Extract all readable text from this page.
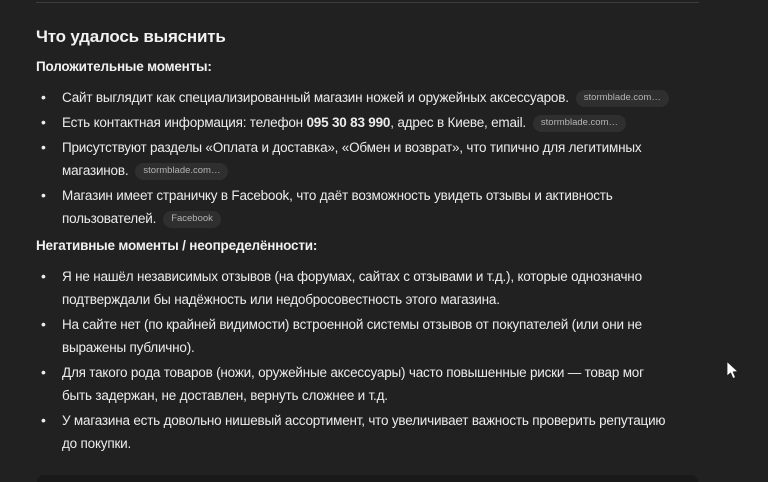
Что удалось выяснить
Положительные моменты:
• Сайт выглядит как специализированный магазин ножей и оружейных аксессуаров. stormblade.com…
• Есть контактная информация: телефон 095 30 83 990, адрес в Киеве, email. stormblade.com…
• Присутствуют разделы «Оплата и доставка», «Обмен и возврат», что типично для легитимных
магазинов. stormblade.com…
• Магазин имеет страничку в Facebook, что даёт возможность увидеть отзывы и активность
пользователей. Facebook
Негативные моменты / неопределённости:
• Я не нашёл независимых отзывов (на форумах, сайтах с отзывами и т.д.), которые однозначно
подтверждали бы надёжность или недобросовестность этого магазина.
• На сайте нет (по крайней видимости) встроенной системы отзывов от покупателей (или они не
выражены публично).
• Для такого рода товаров (ножи, оружейные аксессуары) часто повышенные риски — товар мог
быть задержан, не доставлен, вернуть сложнее и т.д.
• У магазина есть довольно нишевый ассортимент, что увеличивает важность проверить репутацию
до покупки.
